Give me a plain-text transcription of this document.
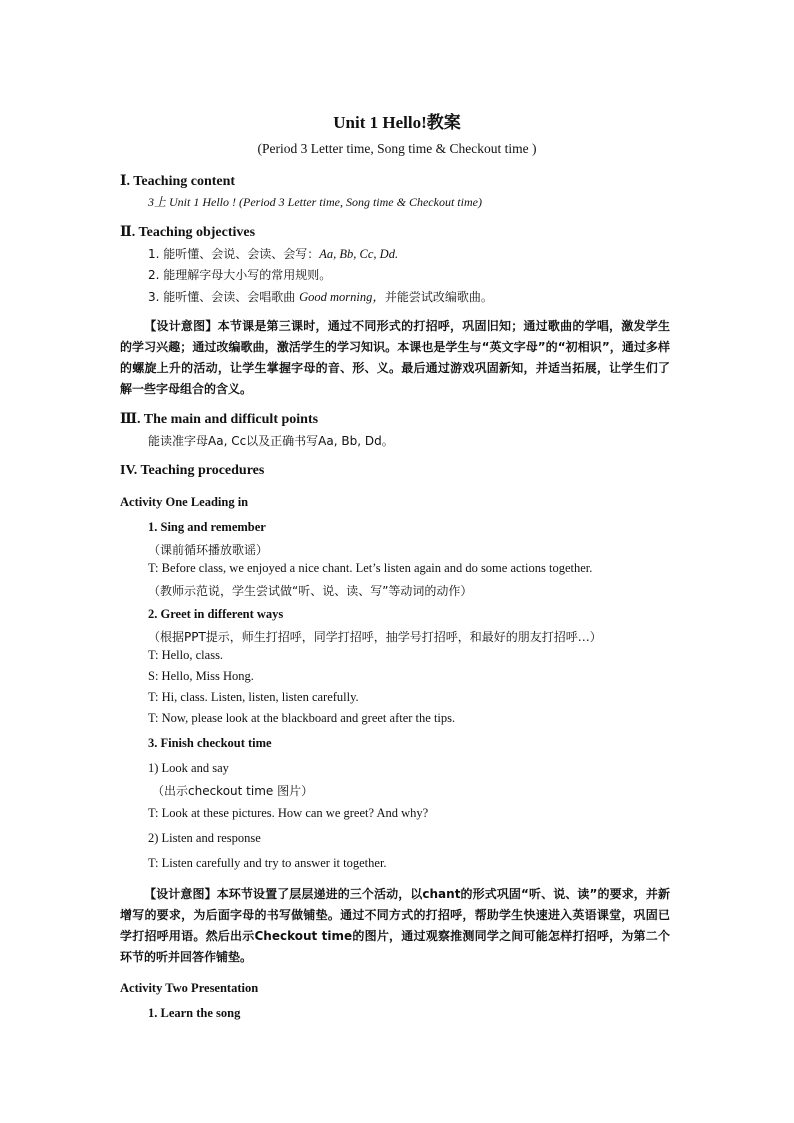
Unit 1 Hello!教案
(Period 3 Letter time, Song time & Checkout time )
Ⅰ. Teaching content
3上 Unit 1 Hello ! (Period 3 Letter time, Song time & Checkout time)
Ⅱ. Teaching objectives
1. 能听懂、会说、会读、会写：Aa, Bb, Cc, Dd.
2. 能理解字母大小写的常用规则。
3. 能听懂、会读、会唱歌曲 Good morning，并能尝试改编歌曲。
【设计意图】本节课是第三课时，通过不同形式的打招呼，巩固旧知；通过歌曲的学唱，激发学生的学习兴趣；通过改编歌曲，激活学生的学习知识。本课也是学生与“英文字母”的“初相识”，通过多样的螺旋上升的活动，让学生掌握字母的音、形、义。最后通过游戏巩固新知，并适当拓展，让学生们了解一些字母组合的含义。
Ⅲ. The main and difficult points
能读准字母Aa, Cc以及正确书写Aa, Bb, Dd。
IV. Teaching procedures
Activity One Leading in
1. Sing and remember
（课前循环播放歌谣）
T: Before class, we enjoyed a nice chant. Let’s listen again and do some actions together.
（教师示范说，学生尝试做“听、说、读、写”等动词的动作）
2. Greet in different ways
（根据PPT提示，师生打招呼，同学打招呼，抽学号打招呼，和最好的朋友打招呼…）
T: Hello, class.
S: Hello, Miss Hong.
T: Hi, class. Listen, listen, listen carefully.
T: Now, please look at the blackboard and greet after the tips.
3. Finish checkout time
1) Look and say
（出示checkout time 图片）
T: Look at these pictures. How can we greet? And why?
2) Listen and response
T: Listen carefully and try to answer it together.
【设计意图】本环节设置了层层递进的三个活动，以chant的形式巩固“听、说、读”的要求，并新增写的要求，为后面字母的书写做铺垫。通过不同方式的打招呼，帮助学生快速进入英语课堂，巩固已学打招呼用语。然后出示Checkout time的图片，通过观察推测同学之间可能怎样打招呼，为第二个环节的听并回答作铺垫。
Activity Two Presentation
1. Learn the song
